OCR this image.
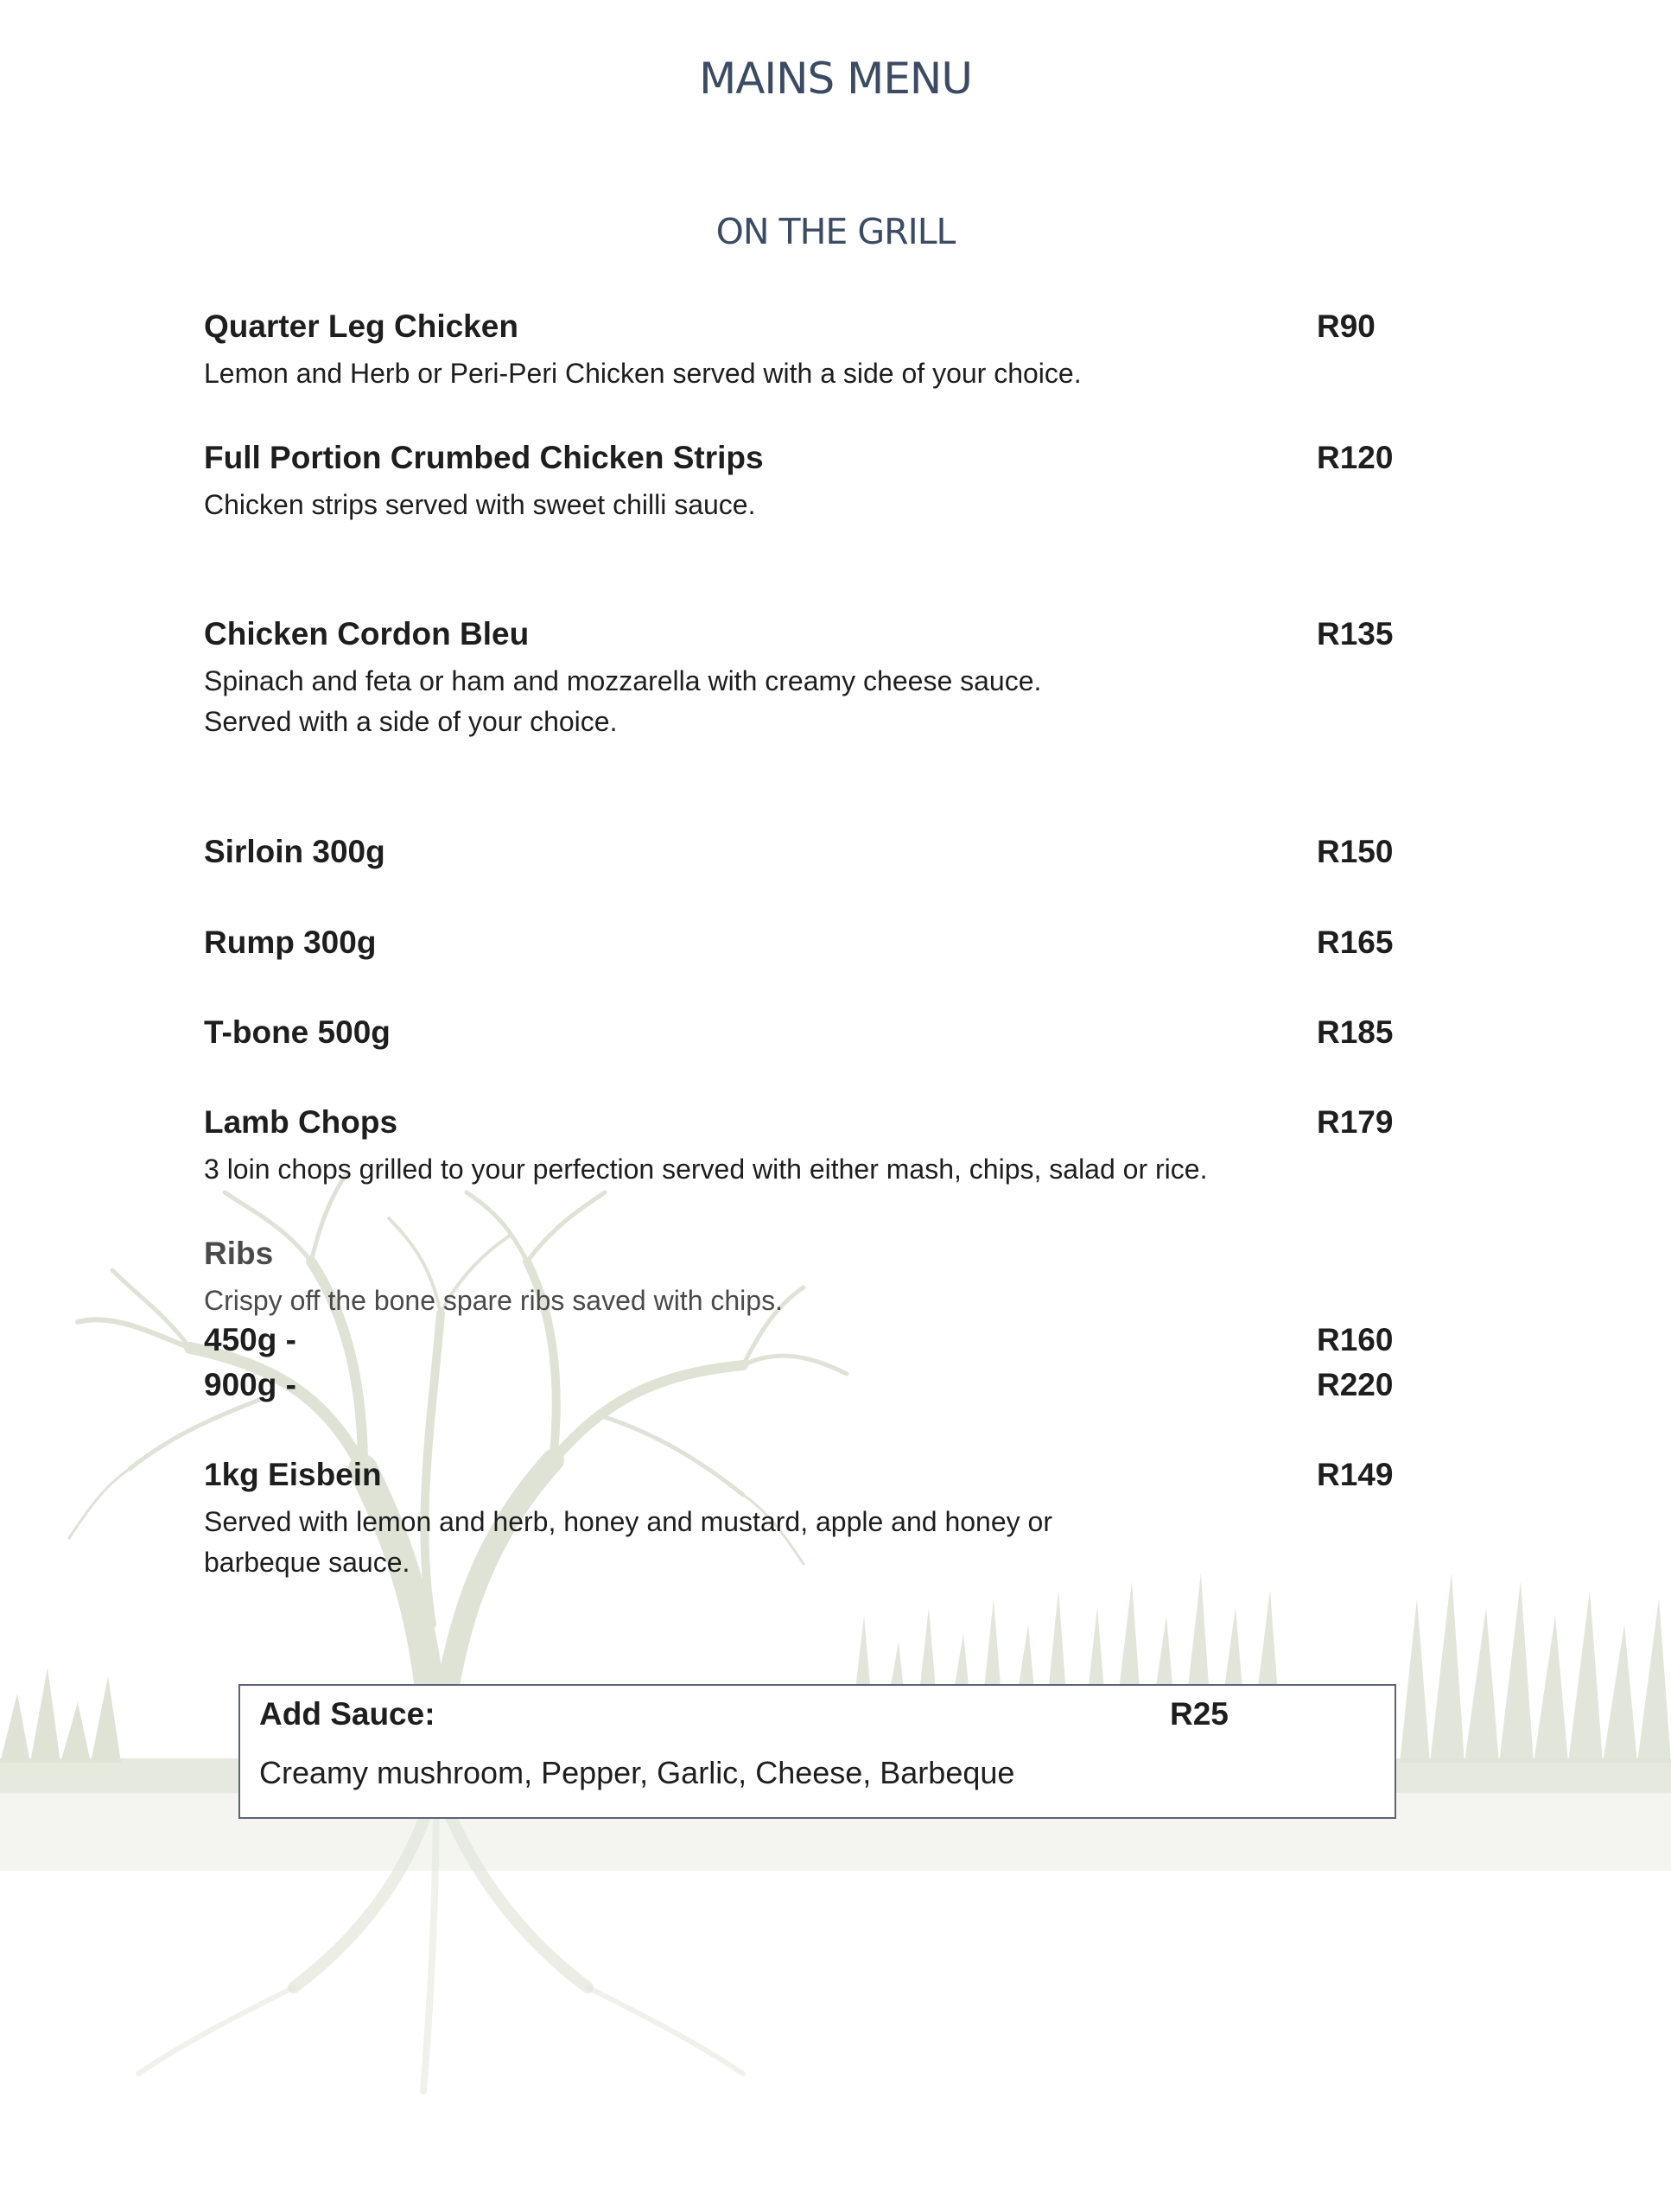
MAINS MENU
ON THE GRILL
Quarter Leg Chicken	R90
Lemon and Herb or Peri-Peri Chicken served with a side of your choice.
Full Portion Crumbed Chicken Strips	R120
Chicken strips served with sweet chilli sauce.
Chicken Cordon Bleu	R135
Spinach and feta or ham and mozzarella with creamy cheese sauce.
Served with a side of your choice.
Sirloin 300g	R150
Rump 300g	R165
T-bone 500g	R185
Lamb Chops	R179
3 loin chops grilled to your perfection served with either mash, chips, salad or rice.
Ribs
Crispy off the bone spare ribs saved with chips.
450g -	R160
900g -	R220
1kg Eisbein	R149
Served with lemon and herb, honey and mustard, apple and honey or
barbeque sauce.
Add Sauce:	R25
Creamy mushroom, Pepper, Garlic, Cheese, Barbeque
